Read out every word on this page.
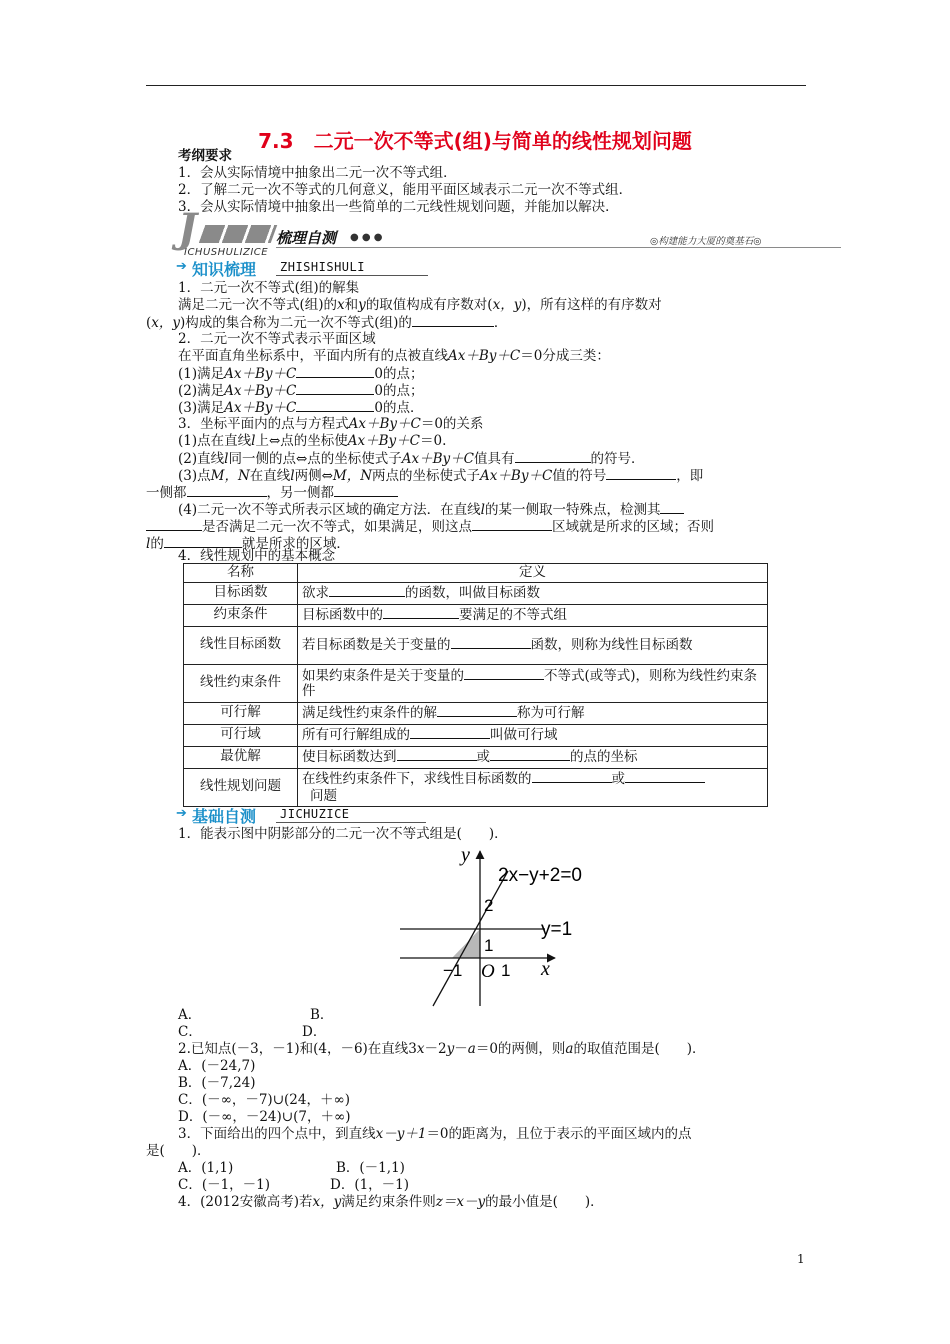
7.3　二元一次不等式(组)与简单的线性规划问题
考纲要求
1．会从实际情境中抽象出二元一次不等式组．
2．了解二元一次不等式的几何意义，能用平面区域表示二元一次不等式组．
3．会从实际情境中抽象出一些简单的二元线性规划问题，并能加以解决．
J	梳理自测 ● ● ●
ICHUSHULIZICE
◎构建能力大厦的奠基石◎
➔ 知识梳理 ZHISHISHULI
1．二元一次不等式(组)的解集
满足二元一次不等式(组)的x和y的取值构成有序数对(x，y)，所有这样的有序数对
(x，y)构成的集合称为二元一次不等式(组)的	．
2．二元一次不等式表示平面区域
在平面直角坐标系中，平面内所有的点被直线Ax＋By＋C＝0分成三类：
(1)满足Ax＋By＋C	0的点；
(2)满足Ax＋By＋C	0的点；
(3)满足Ax＋By＋C	0的点．
3．坐标平面内的点与方程式Ax＋By＋C＝0的关系
(1)点在直线l上⇔点的坐标使Ax＋By＋C＝0.
(2)直线l同一侧的点⇔点的坐标使式子Ax＋By＋C值具有	的符号．
(3)点M，N在直线l两侧⇔M，N两点的坐标使式子Ax＋By＋C值的符号	，即
一侧都	，另一侧都
(4)二元一次不等式所表示区域的确定方法．在直线l的某一侧取一特殊点，检测其
是否满足二元一次不等式，如果满足，则这点	区域就是所求的区域；否则
l的	就是所求的区域．
4．线性规划中的基本概念
名称	定义
目标函数	欲求 的函数，叫做目标函数
约束条件	目标函数中的 要满足的不等式组
线性目标函数	若目标函数是关于变量的 函数，则称为线性目标函数
线性约束条件	如果约束条件是关于变量的 不等式(或等式)，则称为线性约束条件
可行解	满足线性约束条件的解 称为可行解
可行域	所有可行解组成的 叫做可行域
最优解	使目标函数达到 或 的点的坐标
线性规划问题	在线性约束条件下，求线性目标函数的 或
问题
➔ 基础自测 JICHUZICE
1．能表示图中阴影部分的二元一次不等式组是(　　)．
y
x
2x−y+2=0
y=1
2
1
−1 O 1
A．	B．
C．	D．
2.已知点(－3，－1)和(4，－6)在直线3x－2y－a＝0的两侧，则a的取值范围是(　　)．
A．(－24,7)
B．(－7,24)
C．(－∞，－7)∪(24，＋∞)
D．(－∞，－24)∪(7，＋∞)
3．下面给出的四个点中，到直线x－y＋1＝0的距离为，且位于表示的平面区域内的点
是(　　)．
A．(1,1)	B．(－1,1)
C．(－1，－1)	D．(1，－1)
4．(2012安徽高考)若x，y满足约束条件则z＝x－y的最小值是(　　)．
1
